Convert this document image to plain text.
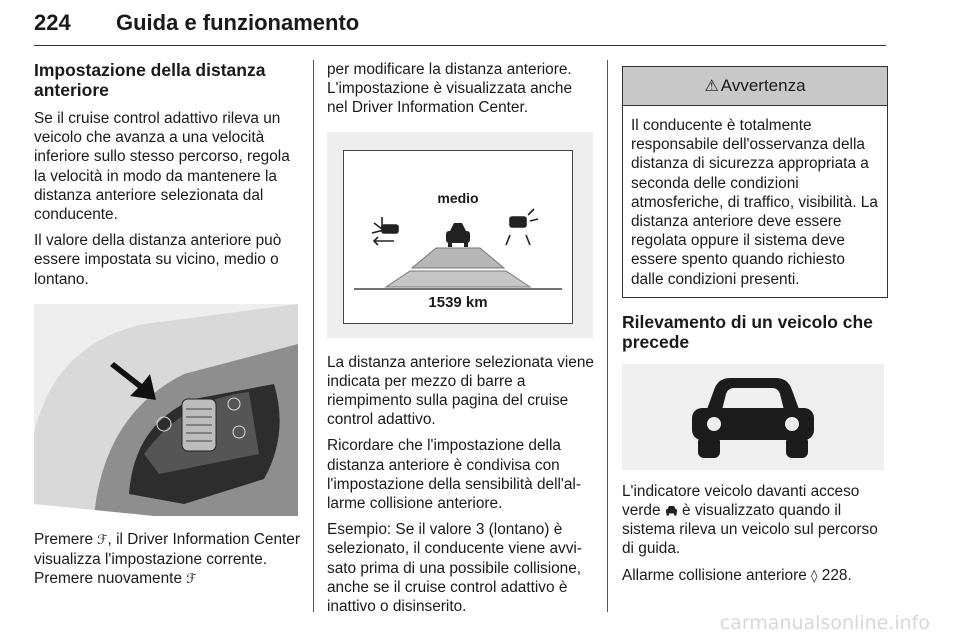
224 Guida e funzionamento
Impostazione della distanza anteriore

Se il cruise control adattivo rileva un veicolo che avanza a una velocità inferiore sullo stesso percorso, regola la velocità in modo da mantenere la distanza anteriore selezionata dal conducente.

Il valore della distanza anteriore può essere impostata su vicino, medio o lontano.

Premere ℱ, il Driver Information Center visualizza l'impostazione corrente. Premere nuovamente ℱ

per modificare la distanza anteriore. L'impostazione è visualizzata anche nel Driver Information Center.

medio
1539 km

La distanza anteriore selezionata viene indicata per mezzo di barre a riempimento sulla pagina del cruise control adattivo.

Ricordare che l'impostazione della distanza anteriore è condivisa con l'impostazione della sensibilità dell'allarme collisione anteriore.

Esempio: Se il valore 3 (lontano) è selezionato, il conducente viene avvisato prima di una possibile collisione, anche se il cruise control adattivo è inattivo o disinserito.

⚠ Avvertenza
Il conducente è totalmente responsabile dell'osservanza della distanza di sicurezza appropriata a seconda delle condizioni atmosferiche, di traffico, visibilità. La distanza anteriore deve essere regolata oppure il sistema deve essere spento quando richiesto dalle condizioni presenti.
Rilevamento di un veicolo che precede

L'indicatore veicolo davanti acceso verde  è visualizzato quando il sistema rileva un veicolo sul percorso di guida.

Allarme collisione anteriore ◊ 228.

carmanualsonline.info
